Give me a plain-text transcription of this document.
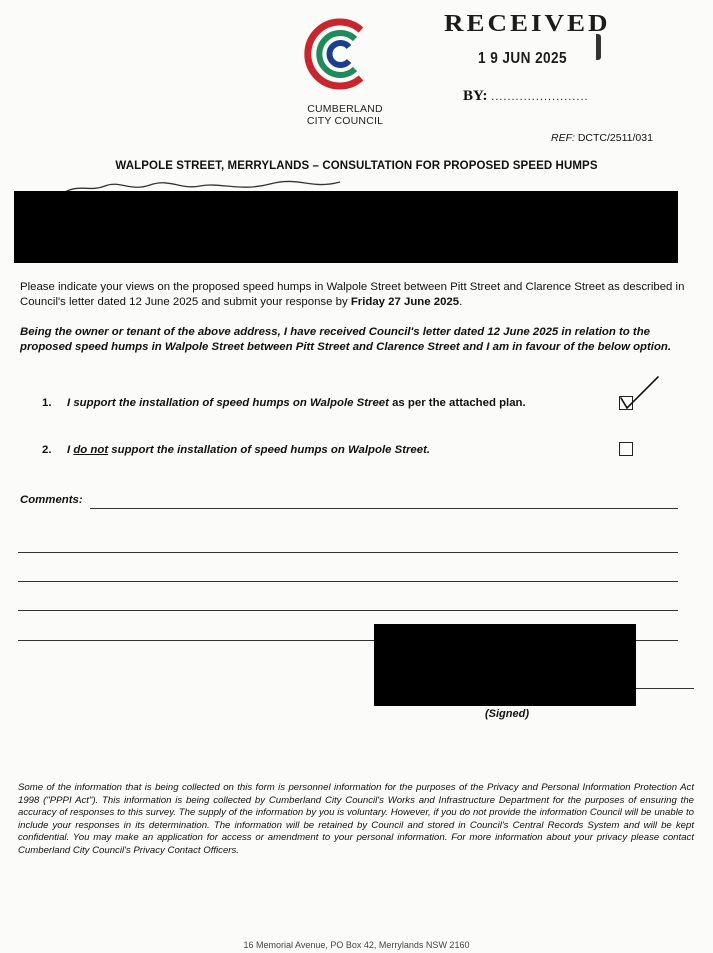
CUMBERLAND
CITY COUNCIL
RECEIVED
1 9 JUN 2025
BY: ........................
REF: DCTC/2511/031
WALPOLE STREET, MERRYLANDS – CONSULTATION FOR PROPOSED SPEED HUMPS
Please indicate your views on the proposed speed humps in Walpole Street between Pitt Street and Clarence Street as described in Council's letter dated 12 June 2025 and submit your response by Friday 27 June 2025.
Being the owner or tenant of the above address, I have received Council's letter dated 12 June 2025 in relation to the proposed speed humps in Walpole Street between Pitt Street and Clarence Street and I am in favour of the below option.
1. I support the installation of speed humps on Walpole Street as per the attached plan.
2. I do not support the installation of speed humps on Walpole Street.
Comments:
(Signed)
Some of the information that is being collected on this form is personnel information for the purposes of the Privacy and Personal Information Protection Act 1998 ("PPPI Act"). This information is being collected by Cumberland City Council's Works and Infrastructure Department for the purposes of ensuring the accuracy of responses to this survey. The supply of the information by you is voluntary. However, if you do not provide the information Council will be unable to include your responses in its determination. The information will be retained by Council and stored in Council's Central Records System and will be kept confidential. You may make an application for access or amendment to your personal information. For more information about your privacy please contact Cumberland City Council's Privacy Contact Officers.
16 Memorial Avenue, PO Box 42, Merrylands NSW 2160
